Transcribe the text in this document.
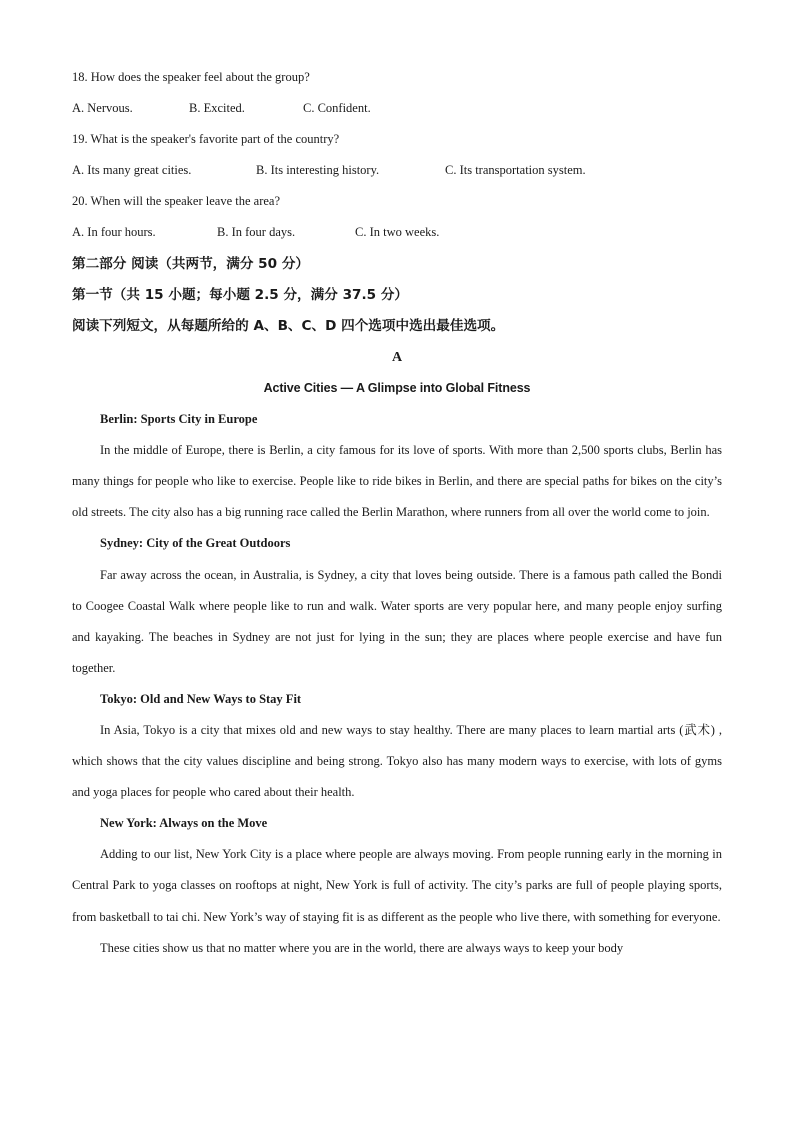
18. How does the speaker feel about the group?
A. Nervous.	B. Excited.	C. Confident.
19. What is the speaker's favorite part of the country?
A. Its many great cities.	B. Its interesting history.	C. Its transportation system.
20. When will the speaker leave the area?
A. In four hours.	B. In four days.	C. In two weeks.
第二部分 阅读（共两节，满分 50 分）
第一节（共 15 小题；每小题 2.5 分，满分 37.5 分）
阅读下列短文，从每题所给的 A、B、C、D 四个选项中选出最佳选项。
A
Active Cities — A Glimpse into Global Fitness
Berlin: Sports City in Europe

In the middle of Europe, there is Berlin, a city famous for its love of sports. With more than 2,500 sports clubs, Berlin has many things for people who like to exercise. People like to ride bikes in Berlin, and there are special paths for bikes on the city’s old streets. The city also has a big running race called the Berlin Marathon, where runners from all over the world come to join.

Sydney: City of the Great Outdoors

Far away across the ocean, in Australia, is Sydney, a city that loves being outside. There is a famous path called the Bondi to Coogee Coastal Walk where people like to run and walk. Water sports are very popular here, and many people enjoy surfing and kayaking. The beaches in Sydney are not just for lying in the sun; they are places where people exercise and have fun together.

Tokyo: Old and New Ways to Stay Fit

In Asia, Tokyo is a city that mixes old and new ways to stay healthy. There are many places to learn martial arts (武术) , which shows that the city values discipline and being strong. Tokyo also has many modern ways to exercise, with lots of gyms and yoga places for people who cared about their health.

New York: Always on the Move

Adding to our list, New York City is a place where people are always moving. From people running early in the morning in Central Park to yoga classes on rooftops at night, New York is full of activity. The city’s parks are full of people playing sports, from basketball to tai chi. New York’s way of staying fit is as different as the people who live there, with something for everyone.

These cities show us that no matter where you are in the world, there are always ways to keep your body
